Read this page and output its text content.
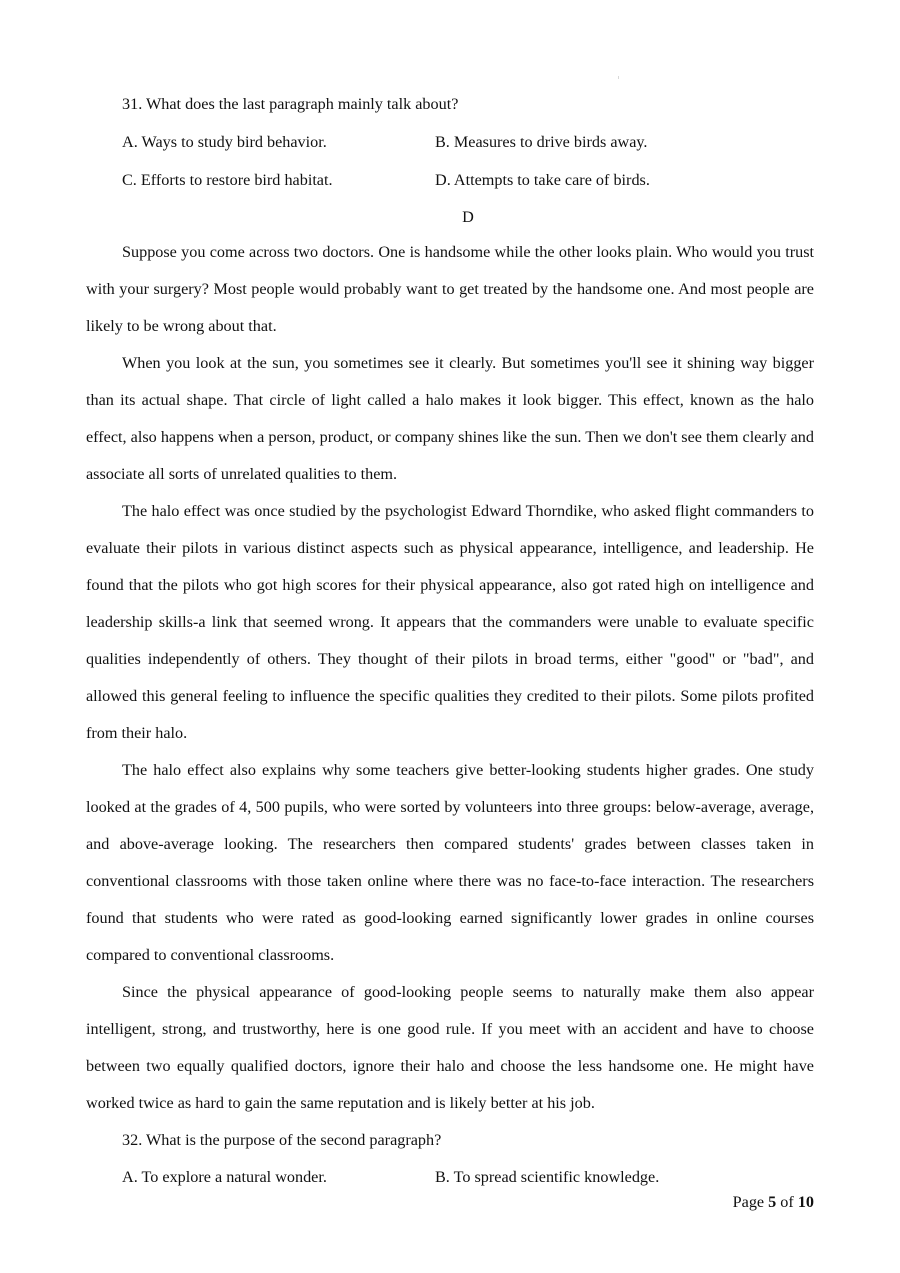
31. What does the last paragraph mainly talk about?
A. Ways to study bird behavior.	B. Measures to drive birds away.
C. Efforts to restore bird habitat.	D. Attempts to take care of birds.
D

Suppose you come across two doctors. One is handsome while the other looks plain. Who would you trust with your surgery? Most people would probably want to get treated by the handsome one. And most people are likely to be wrong about that.

When you look at the sun, you sometimes see it clearly. But sometimes you'll see it shining way bigger than its actual shape. That circle of light called a halo makes it look bigger. This effect, known as the halo effect, also happens when a person, product, or company shines like the sun. Then we don't see them clearly and associate all sorts of unrelated qualities to them.

The halo effect was once studied by the psychologist Edward Thorndike, who asked flight commanders to evaluate their pilots in various distinct aspects such as physical appearance, intelligence, and leadership. He found that the pilots who got high scores for their physical appearance, also got rated high on intelligence and leadership skills-a link that seemed wrong. It appears that the commanders were unable to evaluate specific qualities independently of others. They thought of their pilots in broad terms, either "good" or "bad", and allowed this general feeling to influence the specific qualities they credited to their pilots. Some pilots profited from their halo.

The halo effect also explains why some teachers give better-looking students higher grades. One study looked at the grades of 4, 500 pupils, who were sorted by volunteers into three groups: below-average, average, and above-average looking. The researchers then compared students' grades between classes taken in conventional classrooms with those taken online where there was no face-to-face interaction. The researchers found that students who were rated as good-looking earned significantly lower grades in online courses compared to conventional classrooms.

Since the physical appearance of good-looking people seems to naturally make them also appear intelligent, strong, and trustworthy, here is one good rule. If you meet with an accident and have to choose between two equally qualified doctors, ignore their halo and choose the less handsome one. He might have worked twice as hard to gain the same reputation and is likely better at his job.

32. What is the purpose of the second paragraph?
A. To explore a natural wonder.	B. To spread scientific knowledge.
Page 5 of 10
